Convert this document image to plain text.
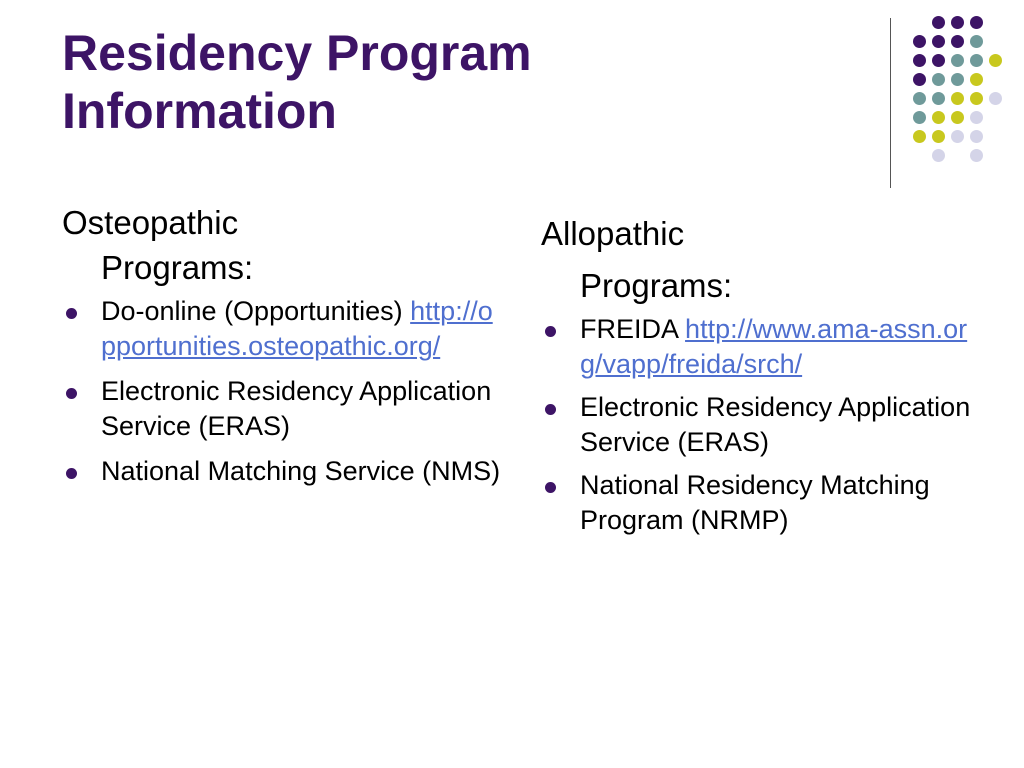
Residency Program
Information
Osteopathic
Programs:
Do-online (Opportunities) http://opportunities.osteopathic.org/
Electronic Residency Application Service (ERAS)
National Matching Service (NMS)
Allopathic
Programs:
FREIDA http://www.ama-assn.org/vapp/freida/srch/
Electronic Residency Application Service (ERAS)
National Residency Matching Program (NRMP)
